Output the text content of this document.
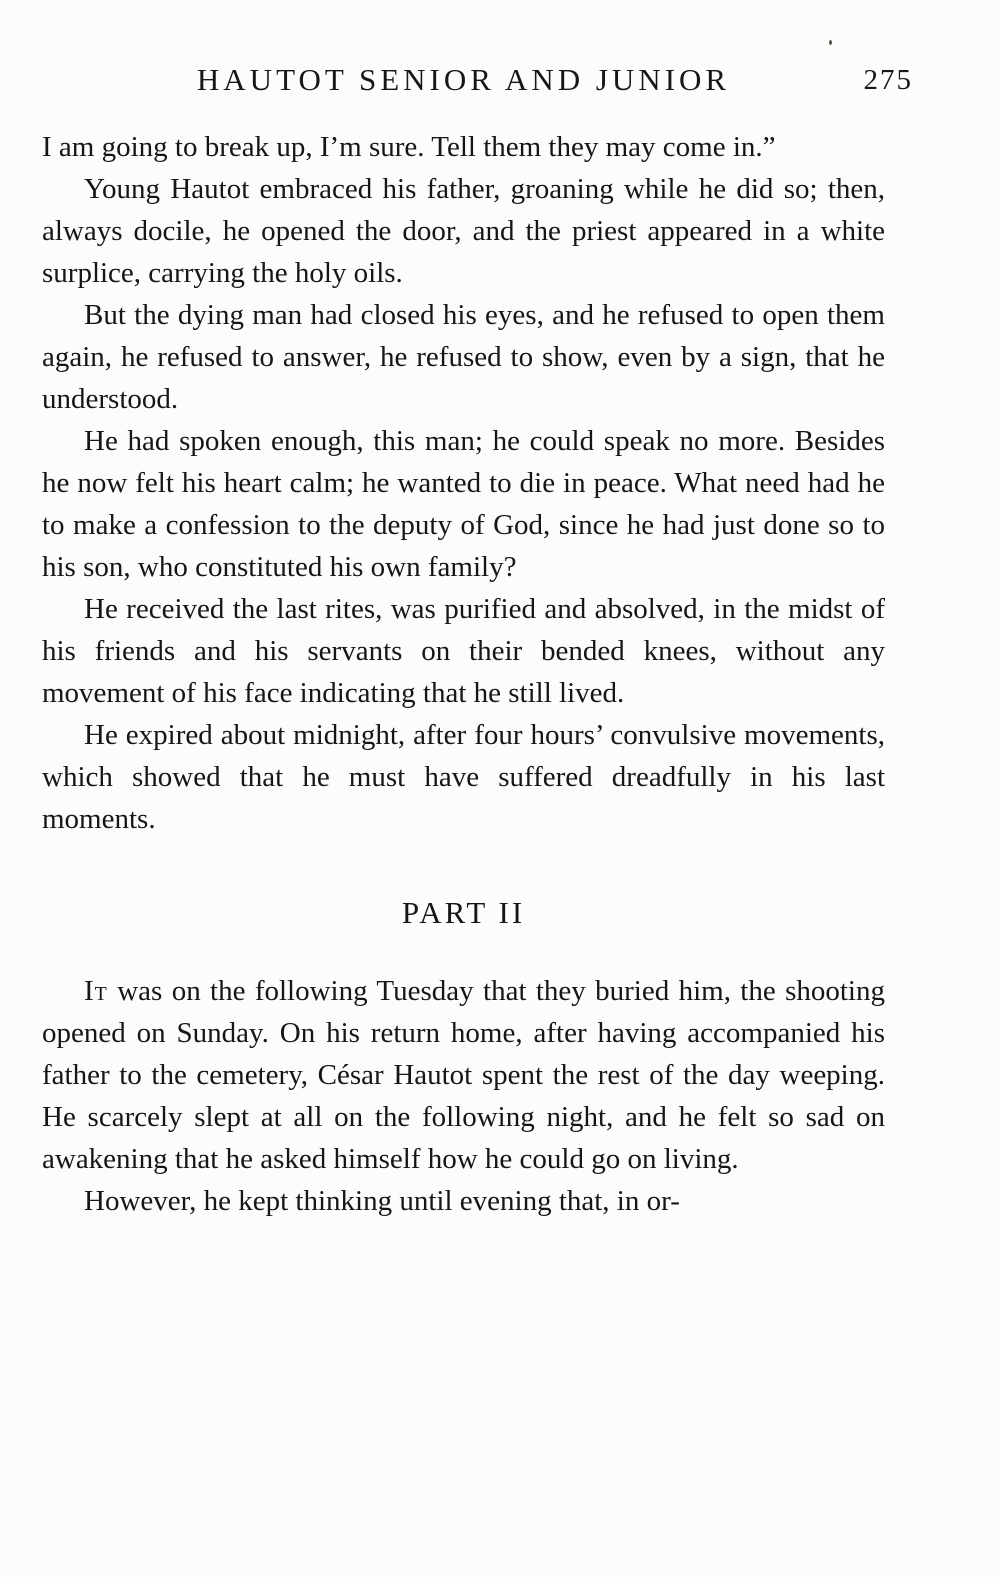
HAUTOT SENIOR AND JUNIOR	275

I am going to break up, I’m sure. Tell them they may come in.”

Young Hautot embraced his father, groaning while he did so; then, always docile, he opened the door, and the priest appeared in a white surplice, carrying the holy oils.

But the dying man had closed his eyes, and he refused to open them again, he refused to answer, he refused to show, even by a sign, that he understood.

He had spoken enough, this man; he could speak no more. Besides he now felt his heart calm; he wanted to die in peace. What need had he to make a confession to the deputy of God, since he had just done so to his son, who constituted his own family?

He received the last rites, was purified and absolved, in the midst of his friends and his servants on their bended knees, without any movement of his face indicating that he still lived.

He expired about midnight, after four hours’ convulsive movements, which showed that he must have suffered dreadfully in his last moments.

PART II

It was on the following Tuesday that they buried him, the shooting opened on Sunday. On his return home, after having accompanied his father to the cemetery, César Hautot spent the rest of the day weeping. He scarcely slept at all on the following night, and he felt so sad on awakening that he asked himself how he could go on living.

However, he kept thinking until evening that, in or-
